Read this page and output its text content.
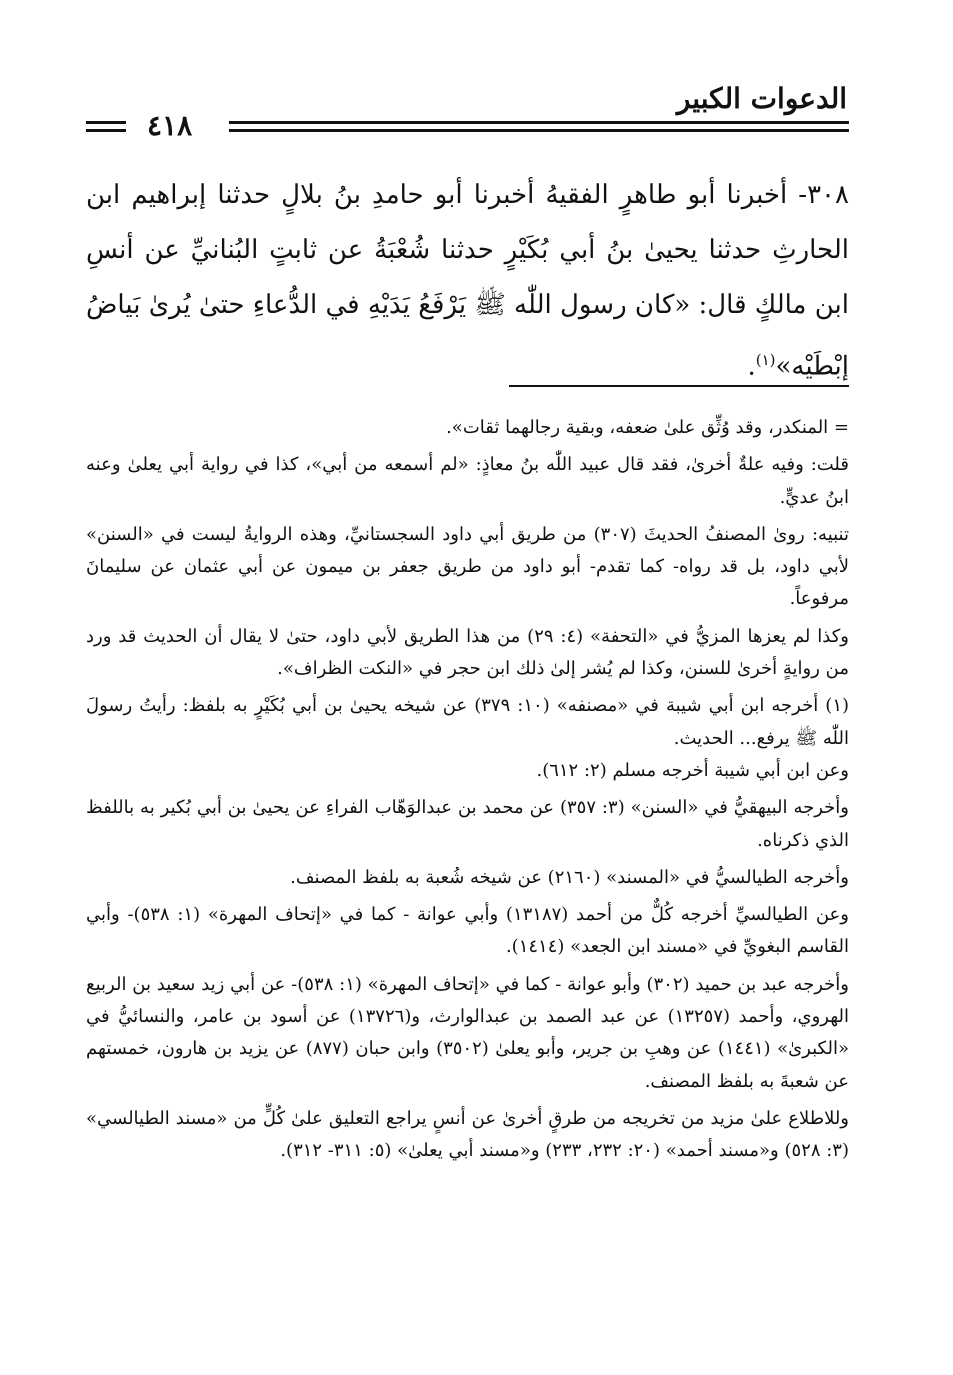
الدعوات الكبير
٤١٨

٣٠٨- أخبرنا أبو طاهرٍ الفقيهُ أخبرنا أبو حامدِ بنُ بلالٍ حدثنا إبراهيم ابن الحارثِ حدثنا يحيىٰ بنُ أبي بُكَيْرٍ حدثنا شُعْبَةُ عن ثابتٍ البُنانيِّ عن أنسِ ابن مالكٍ قال: «كان رسول اللّٰه ﷺ يَرْفَعُ يَدَيْهِ في الدُّعاءِ حتىٰ يُرىٰ بَياضُ إبْطَيْه»$^{(١)}$.

= المنكدر، وقد وُثِّق علىٰ ضعفه، وبقية رجالهما ثقات».

قلت: وفيه علةٌ أخرىٰ، فقد قال عبيد اللّٰه بنُ معاذٍ: «لم أسمعه من أبي»، كذا في رواية أبي يعلىٰ وعنه ابنُ عديٍّ.

تنبيه: روىٰ المصنفُ الحديثَ (٣٠٧) من طريق أبي داود السجستانيِّ، وهذه الروايةُ ليست في «السنن» لأبي داود، بل قد رواه- كما تقدم- أبو داود من طريق جعفر بن ميمون عن أبي عثمان عن سليمانَ مرفوعاً.

وكذا لم يعزها المزيُّ في «التحفة» (٤: ٢٩) من هذا الطريق لأبي داود، حتىٰ لا يقال أن الحديث قد ورد من روايةٍ أخرىٰ للسنن، وكذا لم يُشر إلىٰ ذلك ابن حجر في «النكت الظراف».

(١) أخرجه ابن أبي شيبة في «مصنفه» (١٠: ٣٧٩) عن شيخه يحيىٰ بن أبي بُكَيْرٍ به بلفظ: رأيتُ رسولَ اللّٰه ﷺ يرفع... الحديث.

وعن ابن أبي شيبة أخرجه مسلم (٢: ٦١٢).

وأخرجه البيهقيُّ في «السنن» (٣: ٣٥٧) عن محمد بن عبدالوَهّاب الفراءِ عن يحيىٰ بن أبي بُكير به باللفظ الذي ذكرناه.

وأخرجه الطيالسيُّ في «المسند» (٢١٦٠) عن شيخه شُعبة به بلفظ المصنف.

وعن الطيالسيِّ أخرجه كُلٌّ من أحمد (١٣١٨٧) وأبي عوانة - كما في «إتحاف المهرة» (١: ٥٣٨)- وأبي القاسم البغويِّ في «مسند ابن الجعد» (١٤١٤).

وأخرجه عبد بن حميد (٣٠٢) وأبو عوانة - كما في «إتحاف المهرة» (١: ٥٣٨)- عن أبي زيد سعيد بن الربيع الهروي، وأحمد (١٣٢٥٧) عن عبد الصمد بن عبدالوارث، و(١٣٧٢٦) عن أسود بن عامر، والنسائيُّ في «الكبرىٰ» (١٤٤١) عن وهبِ بن جرير، وأبو يعلىٰ (٣٥٠٢) وابن حبان (٨٧٧) عن يزيد بن هارون، خمستهم عن شعبةَ به بلفظ المصنف.

وللاطلاع علىٰ مزيد من تخريجه من طرقٍ أخرىٰ عن أنسٍ يراجع التعليق علىٰ كُلٍّ من «مسند الطيالسي» (٣: ٥٢٨) و«مسند أحمد» (٢٠: ٢٣٢، ٢٣٣) و«مسند أبي يعلىٰ» (٥: ٣١١- ٣١٢).
